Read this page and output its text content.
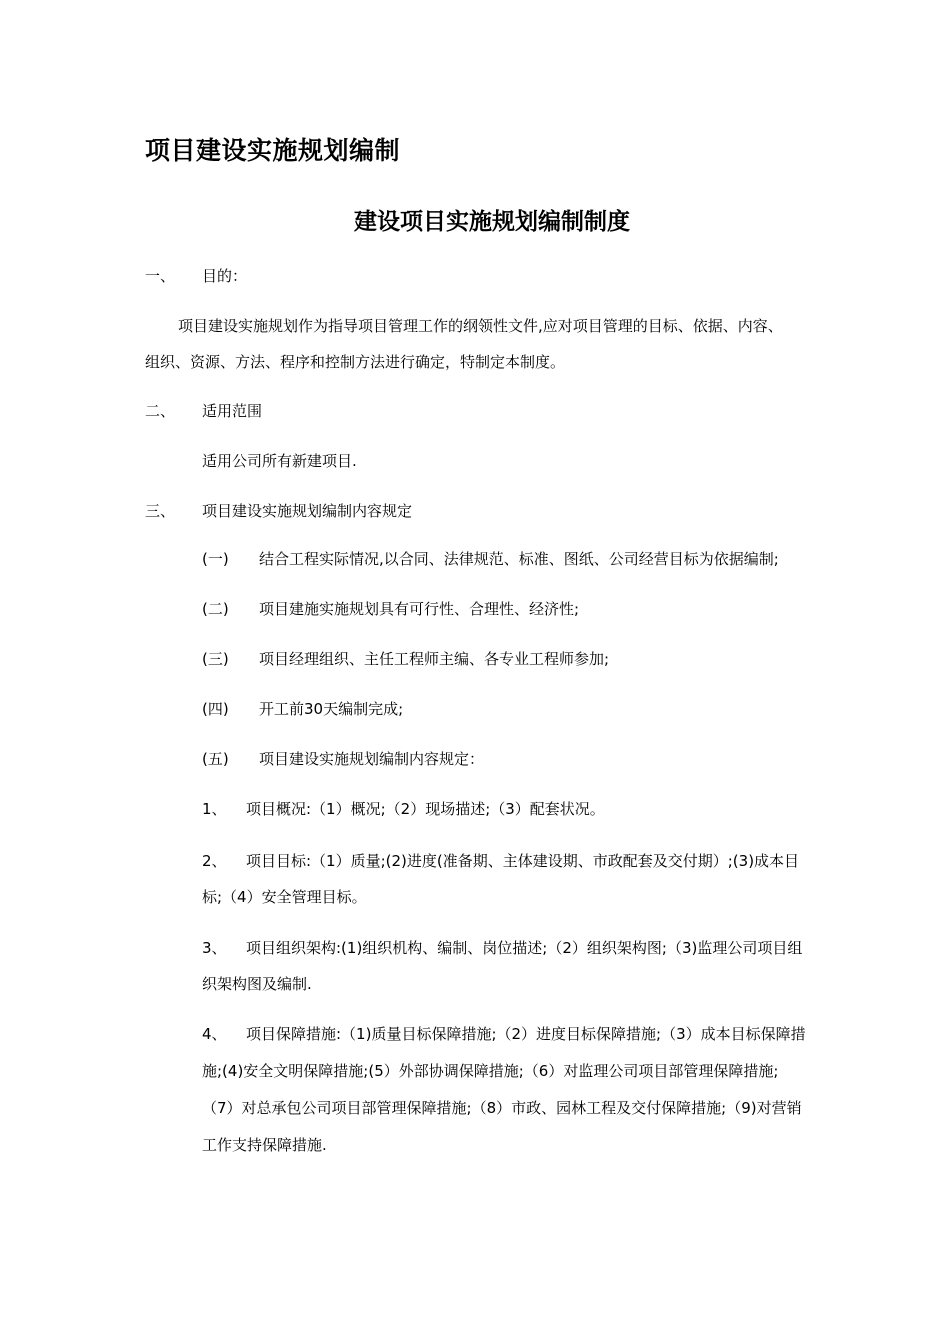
项目建设实施规划编制
建设项目实施规划编制制度
一、 目的：
项目建设实施规划作为指导项目管理工作的纲领性文件,应对项目管理的目标、依据、内容、
组织、资源、方法、程序和控制方法进行确定，特制定本制度。
二、 适用范围
适用公司所有新建项目.
三、 项目建设实施规划编制内容规定
(一) 结合工程实际情况,以合同、法律规范、标准、图纸、公司经营目标为依据编制;
(二) 项目建施实施规划具有可行性、合理性、经济性;
(三) 项目经理组织、主任工程师主编、各专业工程师参加;
(四) 开工前30天编制完成;
(五) 项目建设实施规划编制内容规定：
1、 项目概况:（1）概况;（2）现场描述;（3）配套状况。
2、 项目目标:（1）质量;(2)进度(准备期、主体建设期、市政配套及交付期）;(3)成本目
标;（4）安全管理目标。
3、 项目组织架构:(1)组织机构、编制、岗位描述;（2）组织架构图;（3)监理公司项目组
织架构图及编制.
4、 项目保障措施:（1)质量目标保障措施;（2）进度目标保障措施;（3）成本目标保障措
施;(4)安全文明保障措施;(5）外部协调保障措施;（6）对监理公司项目部管理保障措施;
（7）对总承包公司项目部管理保障措施;（8）市政、园林工程及交付保障措施;（9)对营销
工作支持保障措施.
